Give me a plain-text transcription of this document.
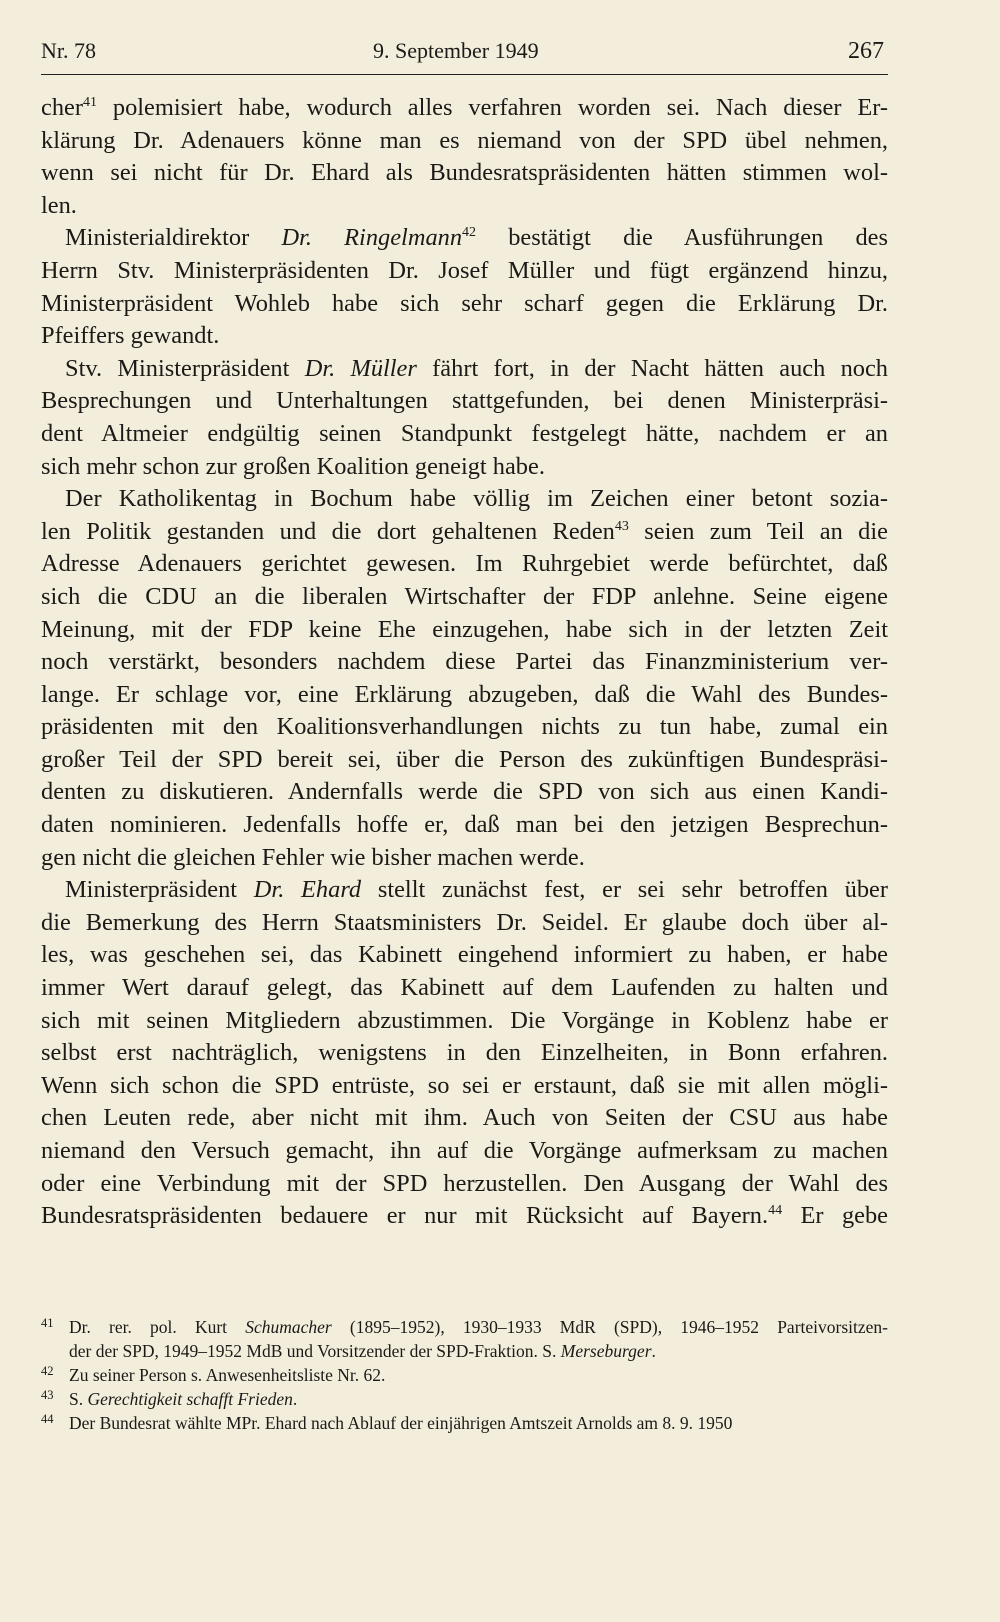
Nr. 78	9. September 1949	267

cher$^{41}$ polemisiert habe, wodurch alles verfahren worden sei. Nach dieser Er-
klärung Dr. Adenauers könne man es niemand von der SPD übel nehmen,
wenn sei nicht für Dr. Ehard als Bundesratspräsidenten hätten stimmen wol-
len.

Ministerialdirektor Dr. Ringelmann$^{42}$ bestätigt die Ausführungen des
Herrn Stv. Ministerpräsidenten Dr. Josef Müller und fügt ergänzend hinzu,
Ministerpräsident Wohleb habe sich sehr scharf gegen die Erklärung Dr.
Pfeiffers gewandt.

Stv. Ministerpräsident Dr. Müller fährt fort, in der Nacht hätten auch noch
Besprechungen und Unterhaltungen stattgefunden, bei denen Ministerpräsi-
dent Altmeier endgültig seinen Standpunkt festgelegt hätte, nachdem er an
sich mehr schon zur großen Koalition geneigt habe.

Der Katholikentag in Bochum habe völlig im Zeichen einer betont sozia-
len Politik gestanden und die dort gehaltenen Reden$^{43}$ seien zum Teil an die
Adresse Adenauers gerichtet gewesen. Im Ruhrgebiet werde befürchtet, daß
sich die CDU an die liberalen Wirtschafter der FDP anlehne. Seine eigene
Meinung, mit der FDP keine Ehe einzugehen, habe sich in der letzten Zeit
noch verstärkt, besonders nachdem diese Partei das Finanzministerium ver-
lange. Er schlage vor, eine Erklärung abzugeben, daß die Wahl des Bundes-
präsidenten mit den Koalitionsverhandlungen nichts zu tun habe, zumal ein
großer Teil der SPD bereit sei, über die Person des zukünftigen Bundespräsi-
denten zu diskutieren. Andernfalls werde die SPD von sich aus einen Kandi-
daten nominieren. Jedenfalls hoffe er, daß man bei den jetzigen Besprechun-
gen nicht die gleichen Fehler wie bisher machen werde.

Ministerpräsident Dr. Ehard stellt zunächst fest, er sei sehr betroffen über
die Bemerkung des Herrn Staatsministers Dr. Seidel. Er glaube doch über al-
les, was geschehen sei, das Kabinett eingehend informiert zu haben, er habe
immer Wert darauf gelegt, das Kabinett auf dem Laufenden zu halten und
sich mit seinen Mitgliedern abzustimmen. Die Vorgänge in Koblenz habe er
selbst erst nachträglich, wenigstens in den Einzelheiten, in Bonn erfahren.
Wenn sich schon die SPD entrüste, so sei er erstaunt, daß sie mit allen mögli-
chen Leuten rede, aber nicht mit ihm. Auch von Seiten der CSU aus habe
niemand den Versuch gemacht, ihn auf die Vorgänge aufmerksam zu machen
oder eine Verbindung mit der SPD herzustellen. Den Ausgang der Wahl des
Bundesratspräsidenten bedauere er nur mit Rücksicht auf Bayern.$^{44}$ Er gebe

41 Dr. rer. pol. Kurt Schumacher (1895–1952), 1930–1933 MdR (SPD), 1946–1952 Parteivorsitzen-
der der SPD, 1949–1952 MdB und Vorsitzender der SPD-Fraktion. S. Merseburger.
42 Zu seiner Person s. Anwesenheitsliste Nr. 62.
43 S. Gerechtigkeit schafft Frieden.
44 Der Bundesrat wählte MPr. Ehard nach Ablauf der einjährigen Amtszeit Arnolds am 8. 9. 1950
